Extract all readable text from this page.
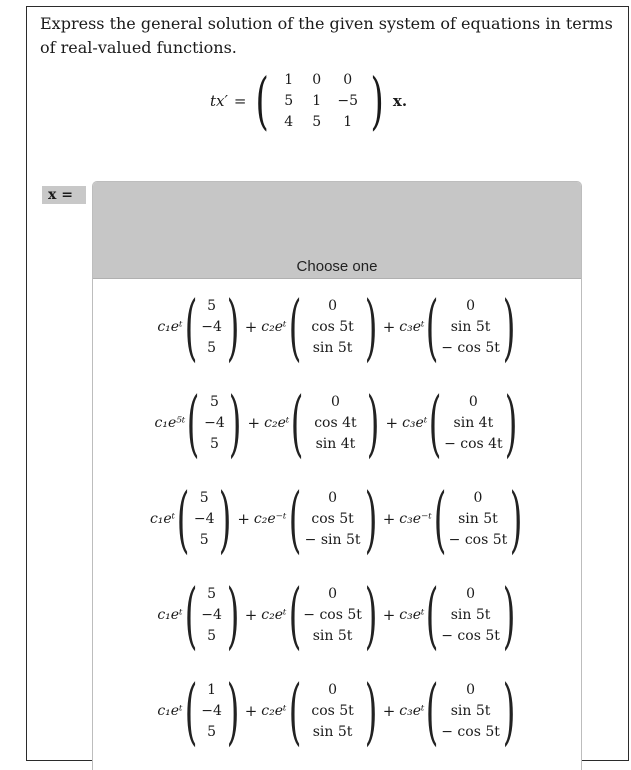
Express the general solution of the given system of equations in terms of real-valued functions.
tx′ = (	1	0	0
5	1	−5
4	5	1 ) x.
x =
Choose one
c₁eᵗ ( 5
−4
5 ) + c₂eᵗ ( 0
cos 5t
sin 5t ) + c₃eᵗ ( 0
sin 5t
− cos 5t )
c₁e⁵ᵗ ( 5
−4
5 ) + c₂eᵗ ( 0
cos 4t
sin 4t ) + c₃eᵗ ( 0
sin 4t
− cos 4t )
c₁eᵗ ( 5
−4
5 ) + c₂e⁻ᵗ ( 0
cos 5t
− sin 5t ) + c₃e⁻ᵗ ( 0
sin 5t
− cos 5t )
c₁eᵗ ( 5
−4
5 ) + c₂eᵗ ( 0
− cos 5t
sin 5t ) + c₃eᵗ ( 0
sin 5t
− cos 5t )
c₁eᵗ ( 1
−4
5 ) + c₂eᵗ ( 0
cos 5t
sin 5t ) + c₃eᵗ ( 0
sin 5t
− cos 5t )
